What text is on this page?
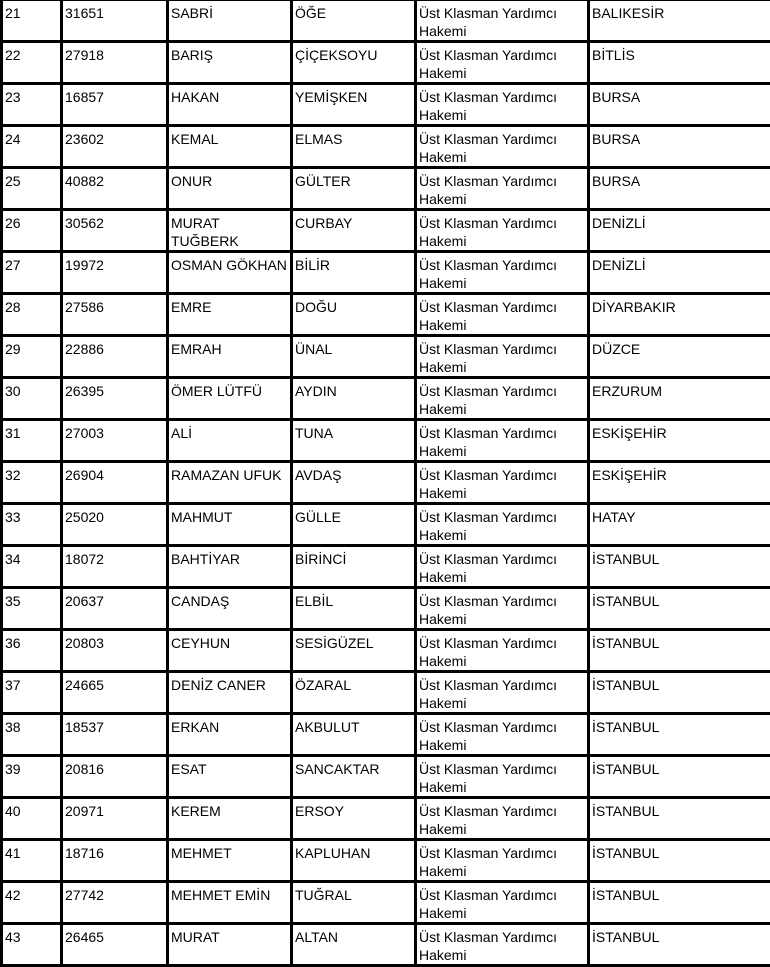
21	31651	SABRİ	ÖĞE	Üst Klasman Yardımcı Hakemi	BALIKESİR
22	27918	BARIŞ	ÇİÇEKSOYU	Üst Klasman Yardımcı Hakemi	BİTLİS
23	16857	HAKAN	YEMİŞKEN	Üst Klasman Yardımcı Hakemi	BURSA
24	23602	KEMAL	ELMAS	Üst Klasman Yardımcı Hakemi	BURSA
25	40882	ONUR	GÜLTER	Üst Klasman Yardımcı Hakemi	BURSA
26	30562	MURAT TUĞBERK	CURBAY	Üst Klasman Yardımcı Hakemi	DENİZLİ
27	19972	OSMAN GÖKHAN	BİLİR	Üst Klasman Yardımcı Hakemi	DENİZLİ
28	27586	EMRE	DOĞU	Üst Klasman Yardımcı Hakemi	DİYARBAKIR
29	22886	EMRAH	ÜNAL	Üst Klasman Yardımcı Hakemi	DÜZCE
30	26395	ÖMER LÜTFÜ	AYDIN	Üst Klasman Yardımcı Hakemi	ERZURUM
31	27003	ALİ	TUNA	Üst Klasman Yardımcı Hakemi	ESKİŞEHİR
32	26904	RAMAZAN UFUK	AVDAŞ	Üst Klasman Yardımcı Hakemi	ESKİŞEHİR
33	25020	MAHMUT	GÜLLE	Üst Klasman Yardımcı Hakemi	HATAY
34	18072	BAHTİYAR	BİRİNCİ	Üst Klasman Yardımcı Hakemi	İSTANBUL
35	20637	CANDAŞ	ELBİL	Üst Klasman Yardımcı Hakemi	İSTANBUL
36	20803	CEYHUN	SESİGÜZEL	Üst Klasman Yardımcı Hakemi	İSTANBUL
37	24665	DENİZ CANER	ÖZARAL	Üst Klasman Yardımcı Hakemi	İSTANBUL
38	18537	ERKAN	AKBULUT	Üst Klasman Yardımcı Hakemi	İSTANBUL
39	20816	ESAT	SANCAKTAR	Üst Klasman Yardımcı Hakemi	İSTANBUL
40	20971	KEREM	ERSOY	Üst Klasman Yardımcı Hakemi	İSTANBUL
41	18716	MEHMET	KAPLUHAN	Üst Klasman Yardımcı Hakemi	İSTANBUL
42	27742	MEHMET EMİN	TUĞRAL	Üst Klasman Yardımcı Hakemi	İSTANBUL
43	26465	MURAT	ALTAN	Üst Klasman Yardımcı Hakemi	İSTANBUL
